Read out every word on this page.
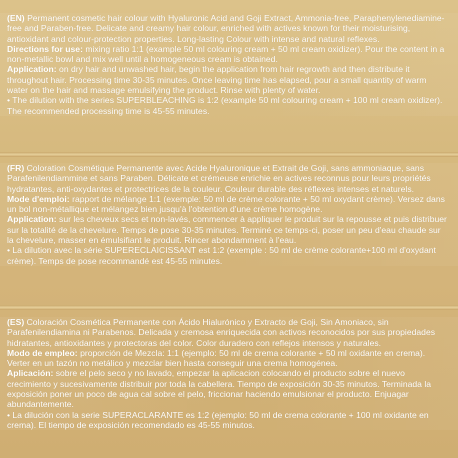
(EN) Permanent cosmetic hair colour with Hyaluronic Acid and Goji Extract, Ammonia-free, Paraphenylenediamine-free and Paraben-free. Delicate and creamy hair colour, enriched with actives known for their moisturising, antioxidant and colour-protection properties. Long-lasting Colour with intense and natural reflexes.

Directions for use: mixing ratio 1:1 (example 50 ml colouring cream + 50 ml cream oxidizer). Pour the content in a non-metallic bowl and mix well until a homogeneous cream is obtained.

Application: on dry hair and unwashed hair, begin the application from hair regrowth and then distribute it throughout hair. Processing time 30-35 minutes. Once leaving time has elapsed, pour a small quantity of warm water on the hair and massage emulsifying the product. Rinse with plenty of water.

• The dilution with the series SUPERBLEACHING is 1:2 (example 50 ml colouring cream + 100 ml cream oxidizer). The recommended processing time is 45-55 minutes.

(FR) Coloration Cosmétique Permanente avec Acide Hyaluronique et Extrait de Goji, sans ammoniaque, sans Parafenilendiammine et sans Paraben. Délicate et crémeuse enrichie en actives reconnus pour leurs propriétés hydratantes, anti-oxydantes et protectrices de la couleur. Couleur durable des réflexes intenses et naturels.

Mode d'emploi: rapport de mélange 1:1 (exemple: 50 ml de crème colorante + 50 ml oxydant crème). Versez dans un bol non-métallique et mélangez bien jusqu'à l'obtention d'une crème homogène.

Application: sur les cheveux secs et non-lavés, commencer à appliquer le produit sur la repousse et puis distribuer sur la totalité de la chevelure. Temps de pose 30-35 minutes. Terminé ce temps-ci, poser un peu d'eau chaude sur la chevelure, masser en émulsifiant le produit. Rincer abondamment à l'eau.

• La dilution avec la série SUPERECLAICISSANT est 1:2 (exemple : 50 ml de crème colorante+100 ml d'oxydant crème). Temps de pose recommandé est 45-55 minutes.

(ES) Coloración Cosmética Permanente con Ácido Hialurónico y Extracto de Goji, Sin Amoniaco, sin Parafenilendiamina ni Parabenos. Delicada y cremosa enriquecida con activos reconocidos por sus propiedades hidratantes, antioxidantes y protectoras del color. Color duradero con reflejos intensos y naturales.

Modo de empleo: proporción de Mezcla: 1:1 (ejemplo: 50 ml de crema colorante + 50 ml oxidante en crema). Verter en un tazón no metálico y mezclar bien hasta conseguir una crema homogénea.

Aplicación: sobre el pelo seco y no lavado, empezar la aplicacion colocando el producto sobre el nuevo crecimiento y sucesivamente distribuir por toda la cabellera. Tiempo de exposición 30-35 minutos. Terminada la exposición poner un poco de agua cal sobre el pelo, friccionar haciendo emulsionar el producto. Enjuagar abundantemente.

• La dilución con la serie SUPERACLARANTE es 1:2 (ejemplo: 50 ml de crema colorante + 100 ml oxidante en crema). El tiempo de exposición recomendado es 45-55 minutos.
